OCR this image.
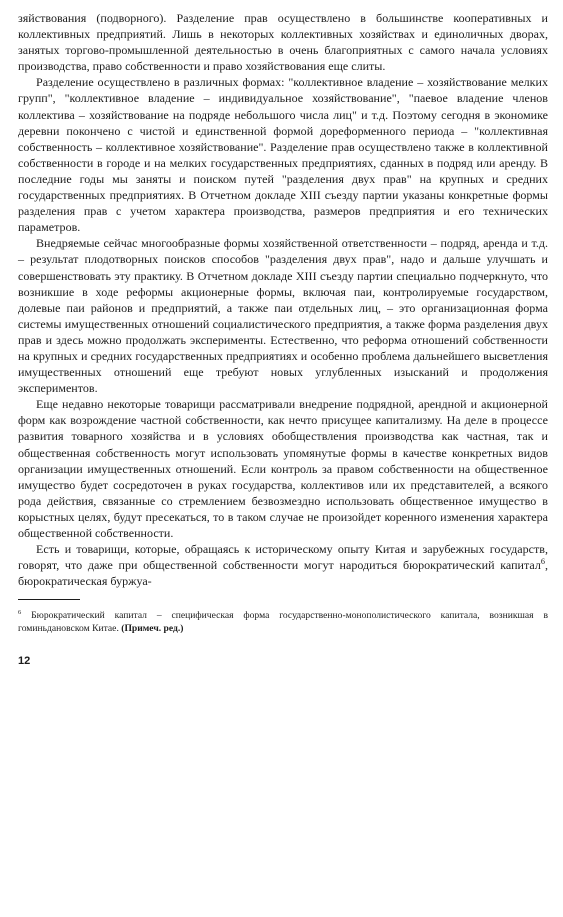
зяйствования (подворного). Разделение прав осуществлено в большинстве кооперативных и коллективных предприятий. Лишь в некоторых коллективных хозяйствах и единоличных дворах, занятых торгово-промышленной деятельностью в очень благоприятных с самого начала условиях производства, право собственности и право хозяйствования еще слиты.

Разделение осуществлено в различных формах: "коллективное владение – хозяйствование мелких групп", "коллективное владение – индивидуальное хозяйствование", "паевое владение членов коллектива – хозяйствование на подряде небольшого числа лиц" и т.д. Поэтому сегодня в экономике деревни покончено с чистой и единственной формой дореформенного периода – "коллективная собственность – коллективное хозяйствование". Разделение прав осуществлено также в коллективной собственности в городе и на мелких государственных предприятиях, сданных в подряд или аренду. В последние годы мы заняты и поиском путей "разделения двух прав" на крупных и средних государственных предприятиях. В Отчетном докладе XIII съезду партии указаны конкретные формы разделения прав с учетом характера производства, размеров предприятия и его технических параметров.

Внедряемые сейчас многообразные формы хозяйственной ответственности – подряд, аренда и т.д. – результат плодотворных поисков способов "разделения двух прав", надо и дальше улучшать и совершенствовать эту практику. В Отчетном докладе XIII съезду партии специально подчеркнуто, что возникшие в ходе реформы акционерные формы, включая паи, контролируемые государством, долевые паи районов и предприятий, а также паи отдельных лиц, – это организационная форма системы имущественных отношений социалистического предприятия, а также форма разделения двух прав и здесь можно продолжать эксперименты. Естественно, что реформа отношений собственности на крупных и средних государственных предприятиях и особенно проблема дальнейшего высветления имущественных отношений еще требуют новых углубленных изысканий и продолжения экспериментов.

Еще недавно некоторые товарищи рассматривали внедрение подрядной, арендной и акционерной форм как возрождение частной собственности, как нечто присущее капитализму. На деле в процессе развития товарного хозяйства и в условиях обобществления производства как частная, так и общественная собственность могут использовать упомянутые формы в качестве конкретных видов организации имущественных отношений. Если контроль за правом собственности на общественное имущество будет сосредоточен в руках государства, коллективов или их представителей, а всякого рода действия, связанные со стремлением безвозмездно использовать общественное имущество в корыстных целях, будут пресекаться, то в таком случае не произойдет коренного изменения характера общественной собственности.

Есть и товарищи, которые, обращаясь к историческому опыту Китая и зарубежных государств, говорят, что даже при общественной собственности могут народиться бюрократический капитал$^6$, бюрократическая буржуа-

$^6$ Бюрократический капитал – специфическая форма государственно-монополистического капитала, возникшая в гоминьдановском Китае. (Примеч. ред.)

12
